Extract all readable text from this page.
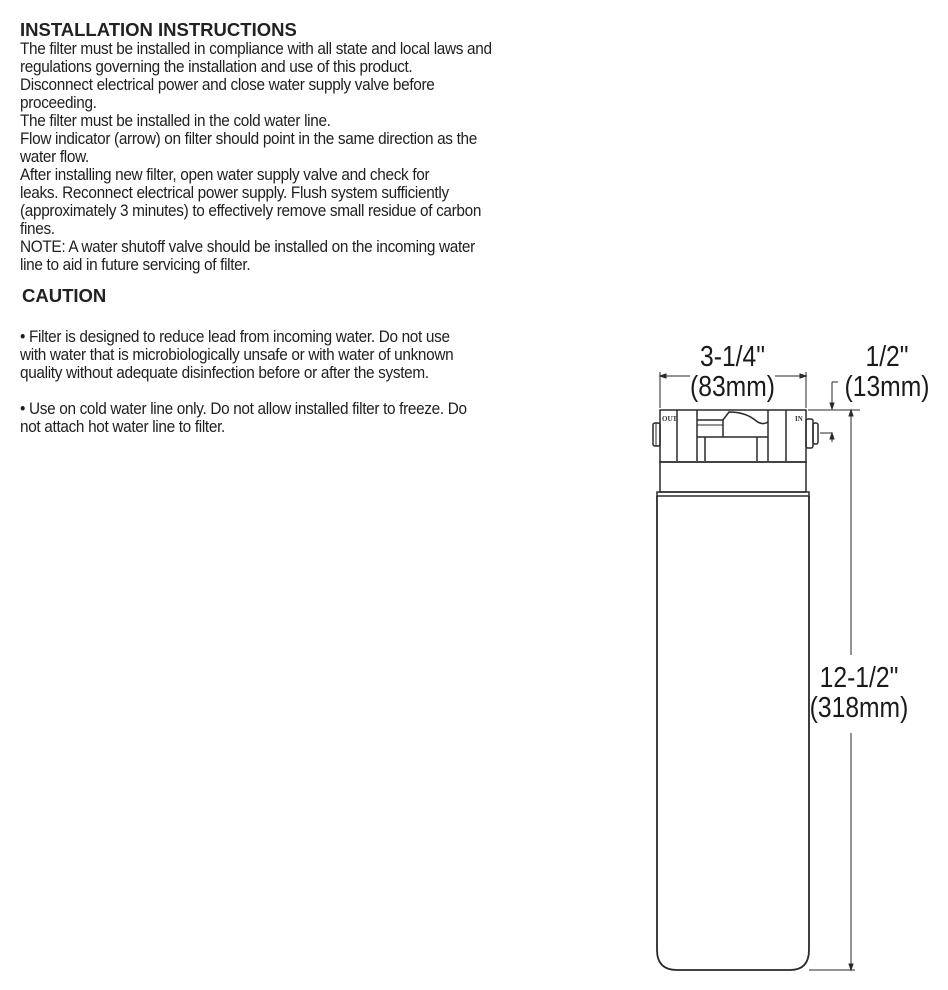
INSTALLATION INSTRUCTIONS
The filter must be installed in compliance with all state and local laws and
regulations governing the installation and use of this product.
Disconnect electrical power and close water supply valve before
proceeding.
The filter must be installed in the cold water line.
Flow indicator (arrow) on filter should point in the same direction as the
water flow.
After installing new filter, open water supply valve and check for
leaks. Reconnect electrical power supply. Flush system sufficiently
(approximately 3 minutes) to effectively remove small residue of carbon
fines.
NOTE: A water shutoff valve should be installed on the incoming water
line to aid in future servicing of filter.
CAUTION
• Filter is designed to reduce lead from incoming water. Do not use
with water that is microbiologically unsafe or with water of unknown
quality without adequate disinfection before or after the system.
• Use on cold water line only. Do not allow installed filter to freeze. Do
not attach hot water line to filter.	OUT	IN
3-1/4"
(83mm)
1/2"
(13mm)
12-1/2"
(318mm)
